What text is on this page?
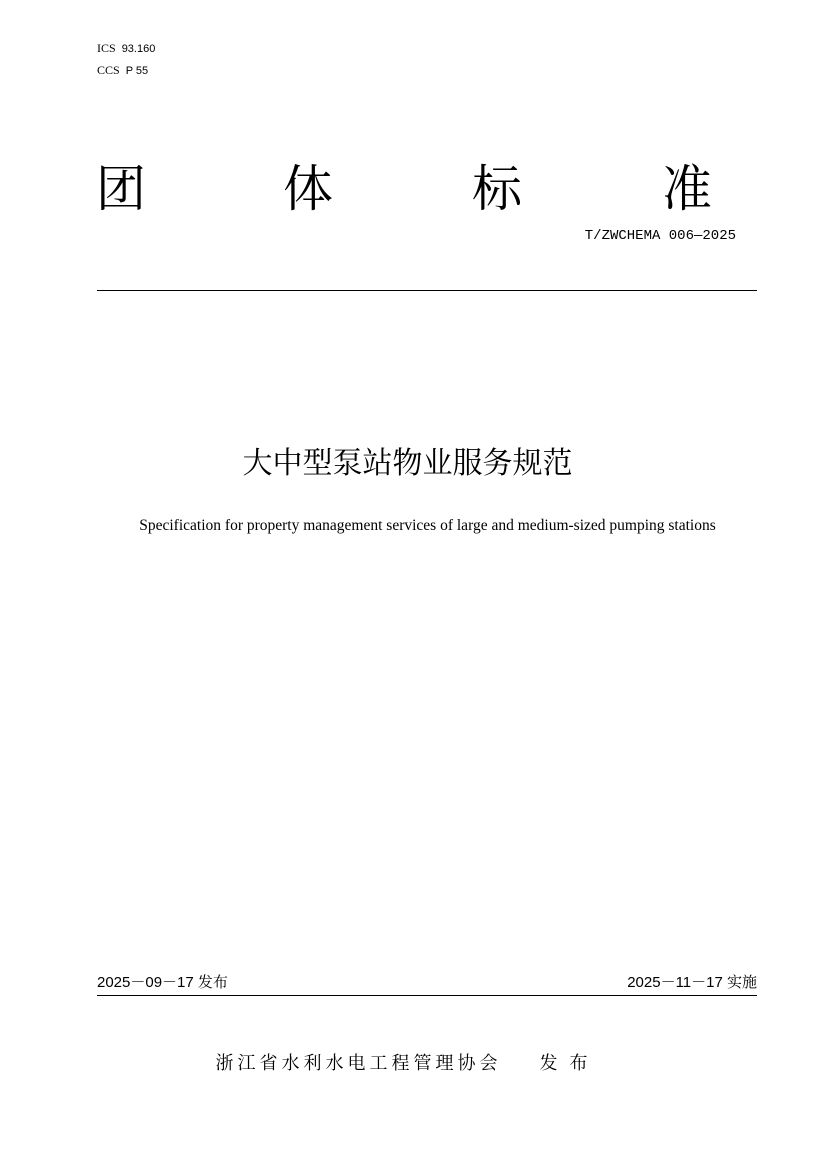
ICS 93.160
CCS P 55
团	体	标	准
T/ZWCHEMA 006—2025
大中型泵站物业服务规范
Specification for property management services of large and medium-sized pumping stations
2025－09－17 发布	2025－11－17 实施
浙江省水利水电工程管理协会 发布
